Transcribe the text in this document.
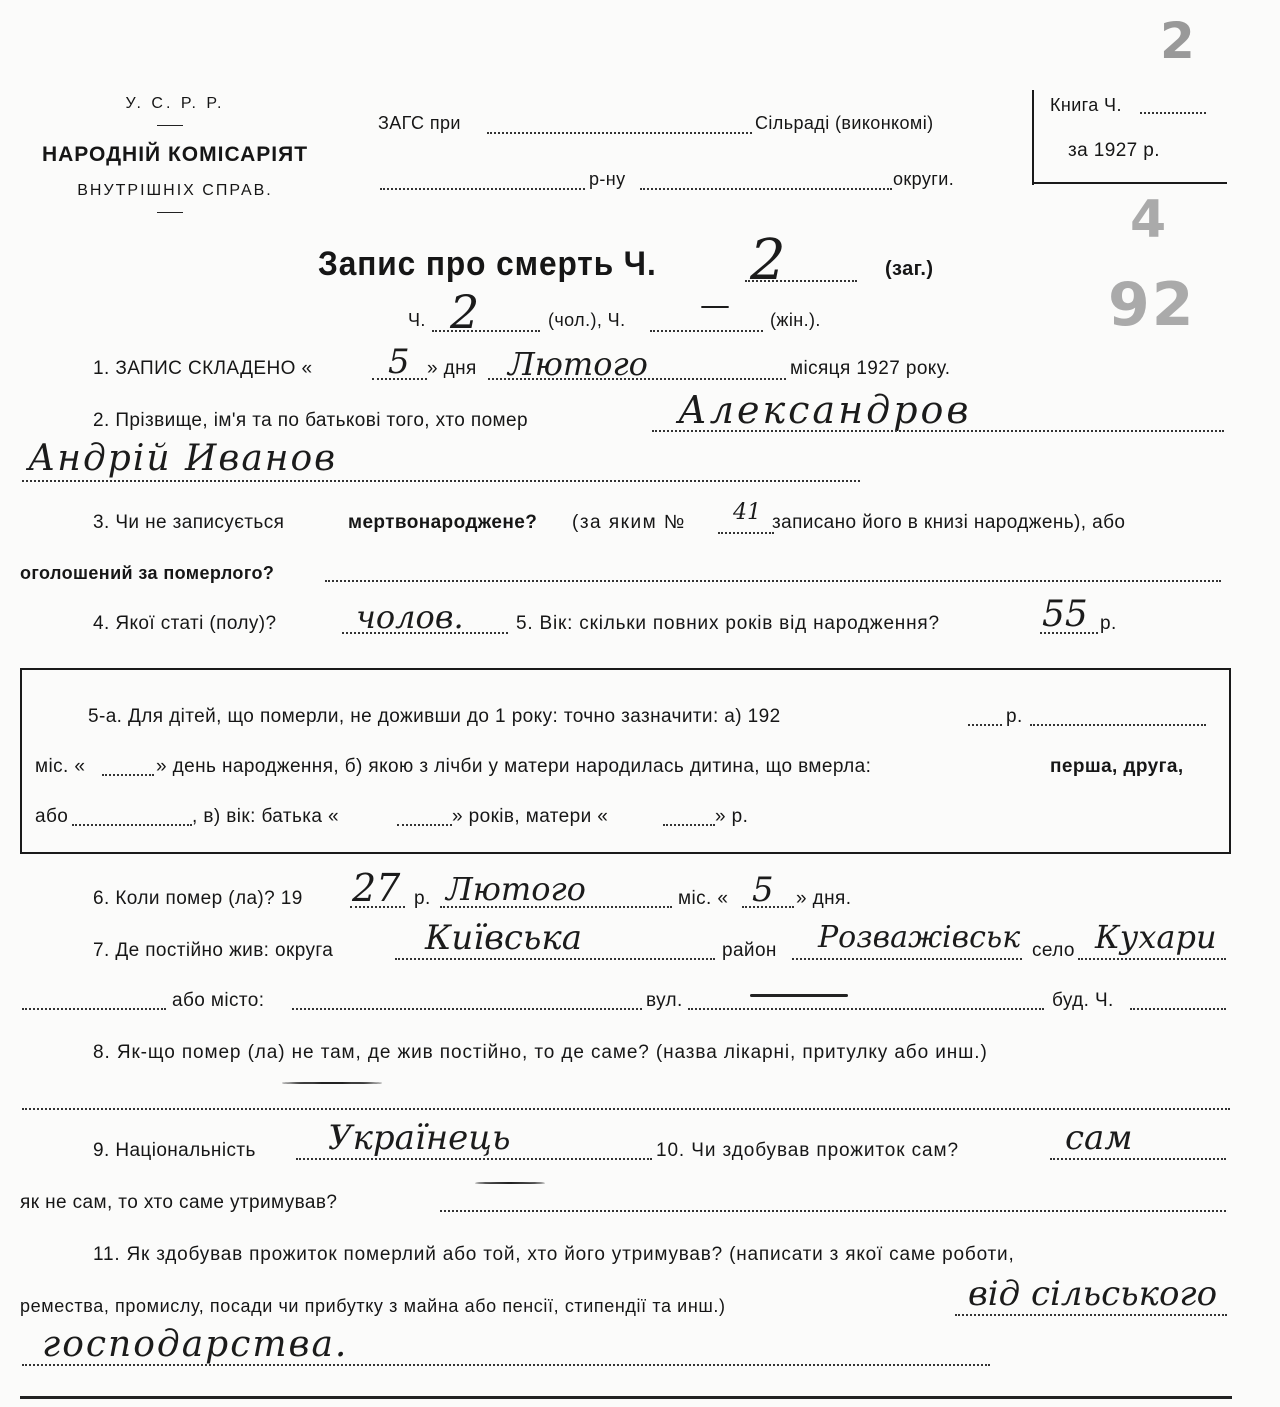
2
4
92
У. С. Р. Р.
НАРОДНІЙ КОМІСАРІЯТ
ВНУТРІШНІХ СПРАВ.
ЗАГС при	Сільраді (виконкомі)
р-ну	округи.
Книга Ч.
за 1927 р.
Запис про смерть Ч. 2	(заг.)
Ч. 2	(чол.), Ч. — (жін.).
1. ЗАПИС СКЛАДЕНО « 5 » дня Лютого	місяця 1927 року.
2. Прізвище, ім'я та по батькові того, хто помер	Александров
Андрій Иванов
3. Чи не записується	мертвонароджене? (за яким № 41 записано його в книзі народжень), або
оголошений за померлого?
4. Якої статі (полу)? чолов.	5. Вік: скільки повних років від народження?	55 р.
5-а. Для дітей, що померли, не доживши до 1 року: точно зазначити: а) 192	р.
міс. «	» день народження, б) якою з лічби у матери народилась дитина, що вмерла:	перша, друга,
або	, в) вік: батька «	» років, матери «	» р.
6. Коли помер (ла)? 19 27 р. Лютого	міс. « 5 » дня.
7. Де постійно жив: округа	Київська	район Розважівськ село Кухари
або місто:	вул.	буд. Ч.
8. Як-що помер (ла) не там, де жив постійно, то де саме? (назва лікарні, притулку або инш.)
9. Національність Українець	10. Чи здобував прожиток сам?	сам
як не сам, то хто саме утримував?
11. Як здобував прожиток померлий або той, хто його утримував? (написати з якої саме роботи,
ремества, промислу, посади чи прибутку з майна або пенсії, стипендії та инш.)	від сільського
господарства.
